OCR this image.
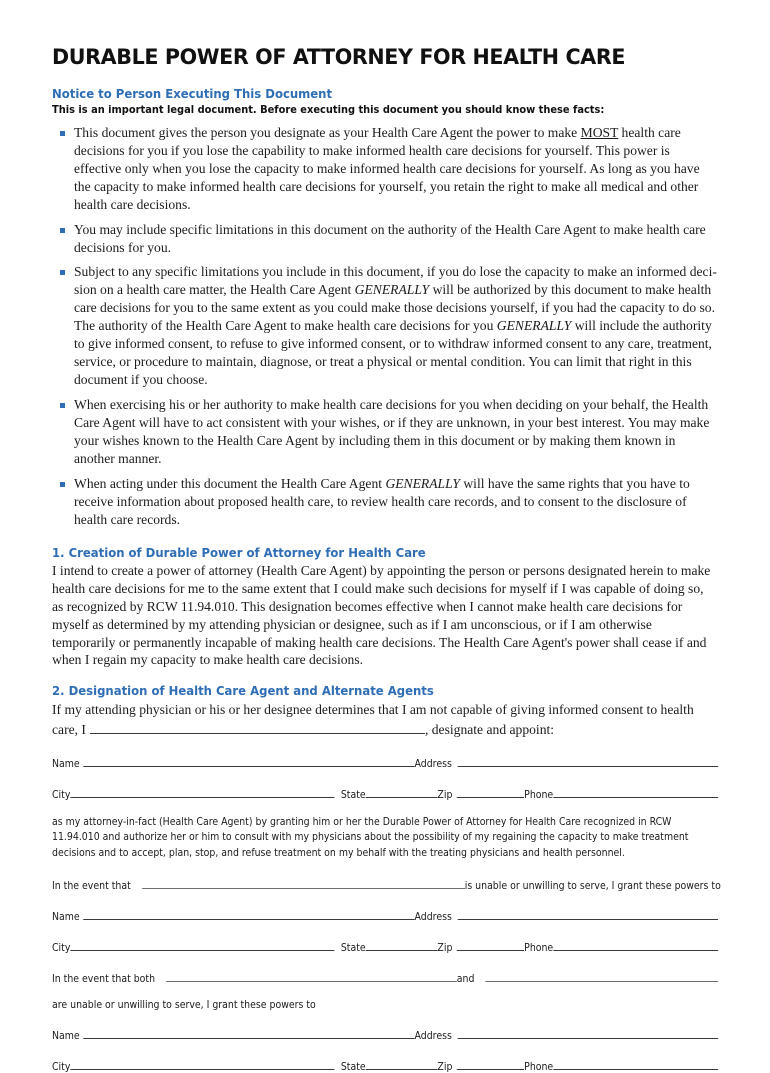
DURABLE POWER OF ATTORNEY FOR HEALTH CARE
Notice to Person Executing This Document
This is an important legal document. Before executing this document you should know these facts:
This document gives the person you designate as your Health Care Agent the power to make MOST health care decisions for you if you lose the capability to make informed health care decisions for yourself. This power is effective only when you lose the capacity to make informed health care decisions for yourself. As long as you have the capacity to make informed health care decisions for yourself, you retain the right to make all medical and other health care decisions.
You may include specific limitations in this document on the authority of the Health Care Agent to make health care decisions for you.
Subject to any specific limitations you include in this document, if you do lose the capacity to make an informed deci-sion on a health care matter, the Health Care Agent GENERALLY will be authorized by this document to make health care decisions for you to the same extent as you could make those decisions yourself, if you had the capacity to do so. The authority of the Health Care Agent to make health care decisions for you GENERALLY will include the authority to give informed consent, to refuse to give informed consent, or to withdraw informed consent to any care, treatment, service, or procedure to maintain, diagnose, or treat a physical or mental condition. You can limit that right in this document if you choose.
When exercising his or her authority to make health care decisions for you when deciding on your behalf, the Health Care Agent will have to act consistent with your wishes, or if they are unknown, in your best interest. You may make your wishes known to the Health Care Agent by including them in this document or by making them known in another manner.
When acting under this document the Health Care Agent GENERALLY will have the same rights that you have to receive information about proposed health care, to review health care records, and to consent to the disclosure of health care records.
1. Creation of Durable Power of Attorney for Health Care

I intend to create a power of attorney (Health Care Agent) by appointing the person or persons designated herein to make health care decisions for me to the same extent that I could make such decisions for myself if I was capable of doing so, as recognized by RCW 11.94.010. This designation becomes effective when I cannot make health care decisions for myself as determined by my attending physician or designee, such as if I am unconscious, or if I am otherwise temporarily or permanently incapable of making health care decisions. The Health Care Agent's power shall cease if and when I regain my capacity to make health care decisions.

2. Designation of Health Care Agent and Alternate Agents

If my attending physician or his or her designee determines that I am not capable of giving informed consent to health

care, I	, designate and appoint:

Name	Address
City	State	Zip	Phone

as my attorney-in-fact (Health Care Agent) by granting him or her the Durable Power of Attorney for Health Care recognized in RCW 11.94.010 and authorize her or him to consult with my physicians about the possibility of my regaining the capacity to make treatment decisions and to accept, plan, stop, and refuse treatment on my behalf with the treating physicians and health personnel.

In the event that	is unable or unwilling to serve, I grant these powers to
Name	Address
City	State	Zip	Phone
In the event that both	and
are unable or unwilling to serve, I grant these powers to
Name	Address
City	State	Zip	Phone
